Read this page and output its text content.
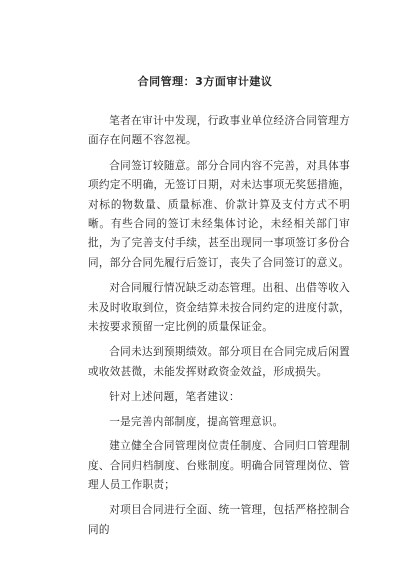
合同管理：3方面审计建议

笔者在审计中发现，行政事业单位经济合同管理方面存在问题不容忽视。

合同签订较随意。部分合同内容不完善，对具体事项约定不明确，无签订日期，对未达事项无奖惩措施，对标的物数量、质量标准、价款计算及支付方式不明晰。有些合同的签订未经集体讨论，未经相关部门审批，为了完善支付手续，甚至出现同一事项签订多份合同，部分合同先履行后签订，丧失了合同签订的意义。

对合同履行情况缺乏动态管理。出租、出借等收入未及时收取到位，资金结算未按合同约定的进度付款，未按要求预留一定比例的质量保证金。

合同未达到预期绩效。部分项目在合同完成后闲置或收效甚微，未能发挥财政资金效益，形成损失。

针对上述问题，笔者建议：

一是完善内部制度，提高管理意识。

建立健全合同管理岗位责任制度、合同归口管理制度、合同归档制度、台账制度。明确合同管理岗位、管理人员工作职责；

对项目合同进行全面、统一管理，包括严格控制合同的
